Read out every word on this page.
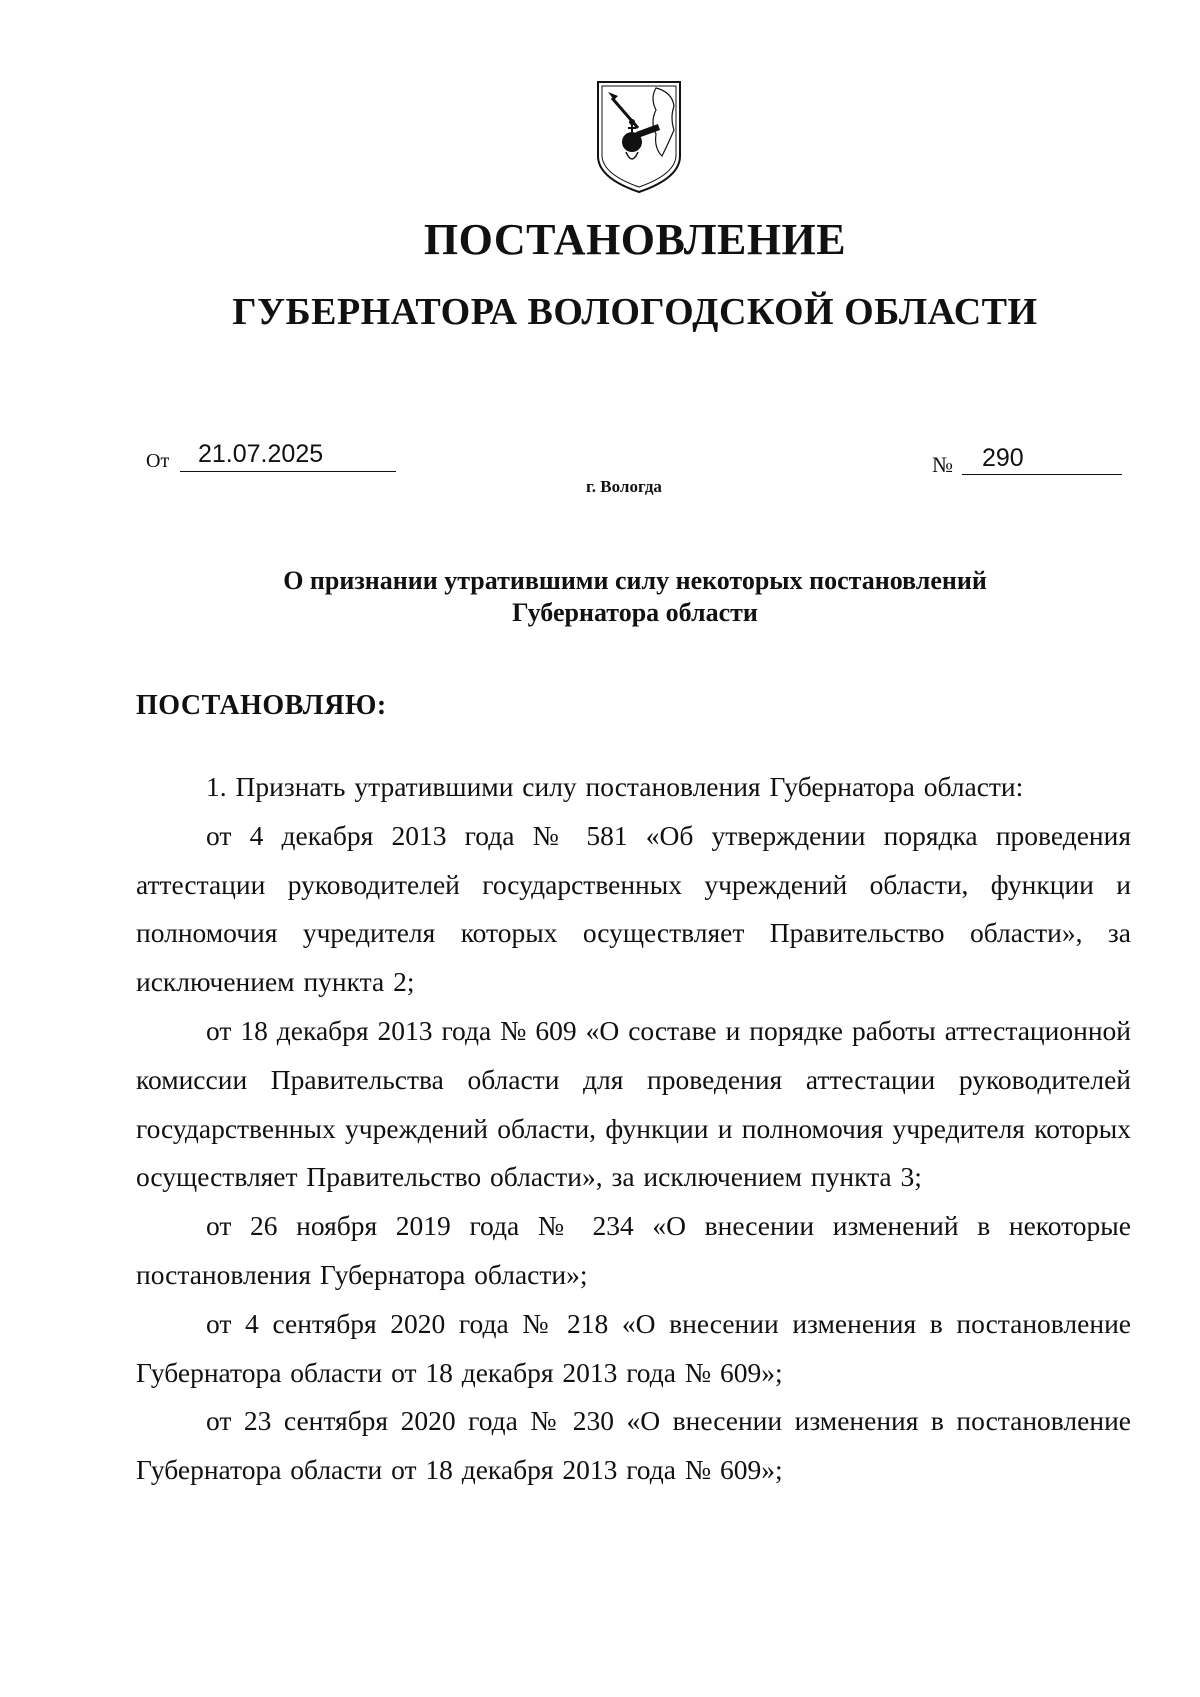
ПОСТАНОВЛЕНИЕ
ГУБЕРНАТОРА ВОЛОГОДСКОЙ ОБЛАСТИ
От 21.07.2025	№ 290
г. Вологда
О признании утратившими силу некоторых постановлений
Губернатора области
ПОСТАНОВЛЯЮ:

1. Признать утратившими силу постановления Губернатора области:

от 4 декабря 2013 года № 581 «Об утверждении порядка проведения аттестации руководителей государственных учреждений области, функции и полномочия учредителя которых осуществляет Правительство области», за исключением пункта 2;

от 18 декабря 2013 года № 609 «О составе и порядке работы аттестационной комиссии Правительства области для проведения аттестации руководителей государственных учреждений области, функции и полномочия учредителя которых осуществляет Правительство области», за исключением пункта 3;

от 26 ноября 2019 года № 234 «О внесении изменений в некоторые постановления Губернатора области»;

от 4 сентября 2020 года № 218 «О внесении изменения в постановление Губернатора области от 18 декабря 2013 года № 609»;

от 23 сентября 2020 года № 230 «О внесении изменения в постановление Губернатора области от 18 декабря 2013 года № 609»;
